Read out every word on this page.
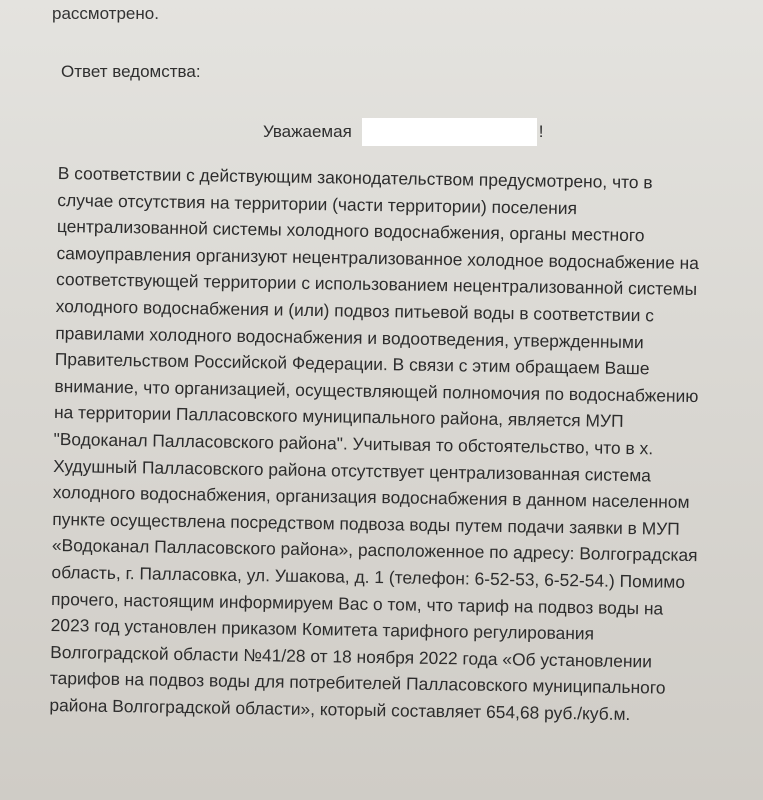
рассмотрено.

Ответ ведомства:

Уважаемая	!
В соответствии с действующим законодательством предусмотрено, что в
случае отсутствия на территории (части территории) поселения
централизованной системы холодного водоснабжения, органы местного
самоуправления организуют нецентрализованное холодное водоснабжение на
соответствующей территории с использованием нецентрализованной системы
холодного водоснабжения и (или) подвоз питьевой воды в соответствии с
правилами холодного водоснабжения и водоотведения, утвержденными
Правительством Российской Федерации. В связи с этим обращаем Ваше
внимание, что организацией, осуществляющей полномочия по водоснабжению
на территории Палласовского муниципального района, является МУП
"Водоканал Палласовского района". Учитывая то обстоятельство, что в х.
Худушный Палласовского района отсутствует централизованная система
холодного водоснабжения, организация водоснабжения в данном населенном
пункте осуществлена посредством подвоза воды путем подачи заявки в МУП
«Водоканал Палласовского района», расположенное по адресу: Волгоградская
область, г. Палласовка, ул. Ушакова, д. 1 (телефон: 6-52-53, 6-52-54.) Помимо
прочего, настоящим информируем Вас о том, что тариф на подвоз воды на
2023 год установлен приказом Комитета тарифного регулирования
Волгоградской области №41/28 от 18 ноября 2022 года «Об установлении
тарифов на подвоз воды для потребителей Палласовского муниципального
района Волгоградской области», который составляет 654,68 руб./куб.м.
